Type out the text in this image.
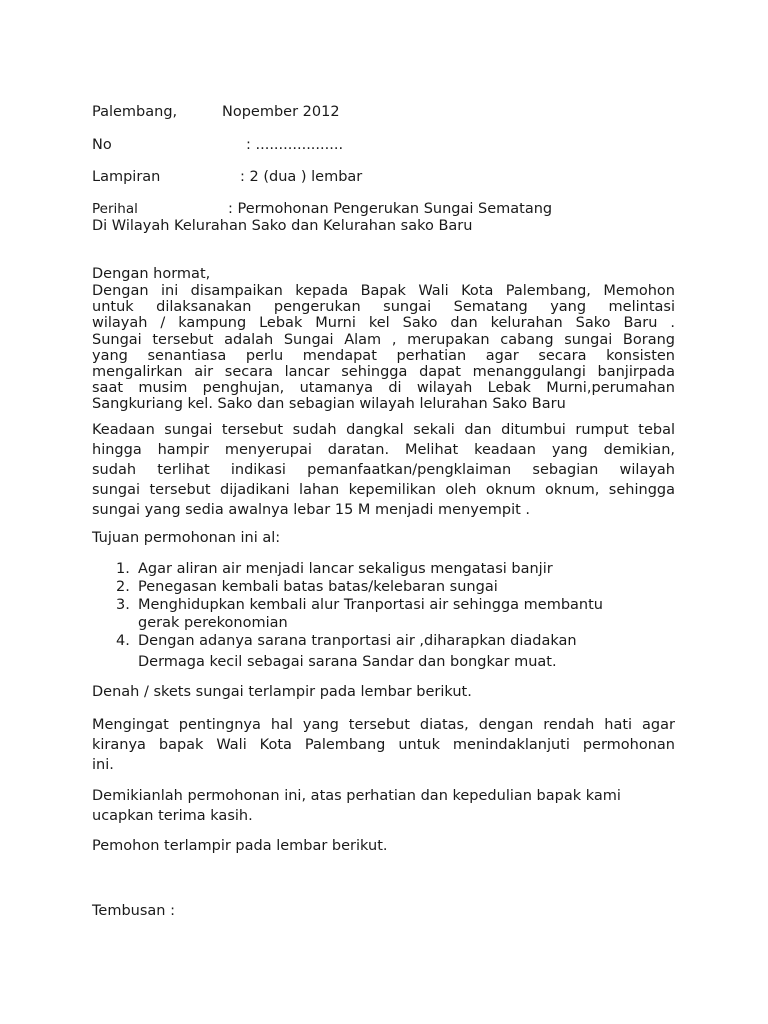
Palembang,	Nopember 2012
No	: ...................
Lampiran	: 2 (dua ) lembar
Perihal	: Permohonan Pengerukan Sungai Sematang
Di Wilayah Kelurahan Sako dan Kelurahan sako Baru
Dengan hormat,
Dengan ini disampaikan kepada Bapak Wali Kota Palembang, Memohon
untuk dilaksanakan pengerukan sungai Sematang yang melintasi
wilayah / kampung Lebak Murni kel Sako dan kelurahan Sako Baru .
Sungai tersebut adalah Sungai Alam , merupakan cabang sungai Borang
yang senantiasa perlu mendapat perhatian agar secara konsisten
mengalirkan air secara lancar sehingga dapat menanggulangi banjirpada
saat musim penghujan, utamanya di wilayah Lebak Murni,perumahan
Sangkuriang kel. Sako dan sebagian wilayah lelurahan Sako Baru
Keadaan sungai tersebut sudah dangkal sekali dan ditumbui rumput tebal
hingga hampir menyerupai daratan. Melihat keadaan yang demikian,
sudah terlihat indikasi pemanfaatkan/pengklaiman sebagian wilayah
sungai tersebut dijadikani lahan kepemilikan oleh oknum oknum, sehingga
sungai yang sedia awalnya lebar 15 M menjadi menyempit .
Tujuan permohonan ini al:
1. Agar aliran air menjadi lancar sekaligus mengatasi banjir
2. Penegasan kembali batas batas/kelebaran sungai
3. Menghidupkan kembali alur Tranportasi air sehingga membantu
gerak perekonomian
4. Dengan adanya sarana tranportasi air ,diharapkan diadakan
Dermaga kecil sebagai sarana Sandar dan bongkar muat.
Denah / skets sungai terlampir pada lembar berikut.
Mengingat pentingnya hal yang tersebut diatas, dengan rendah hati agar
kiranya bapak Wali Kota Palembang untuk menindaklanjuti permohonan
ini.
Demikianlah permohonan ini, atas perhatian dan kepedulian bapak kami
ucapkan terima kasih.
Pemohon terlampir pada lembar berikut.
Tembusan :
